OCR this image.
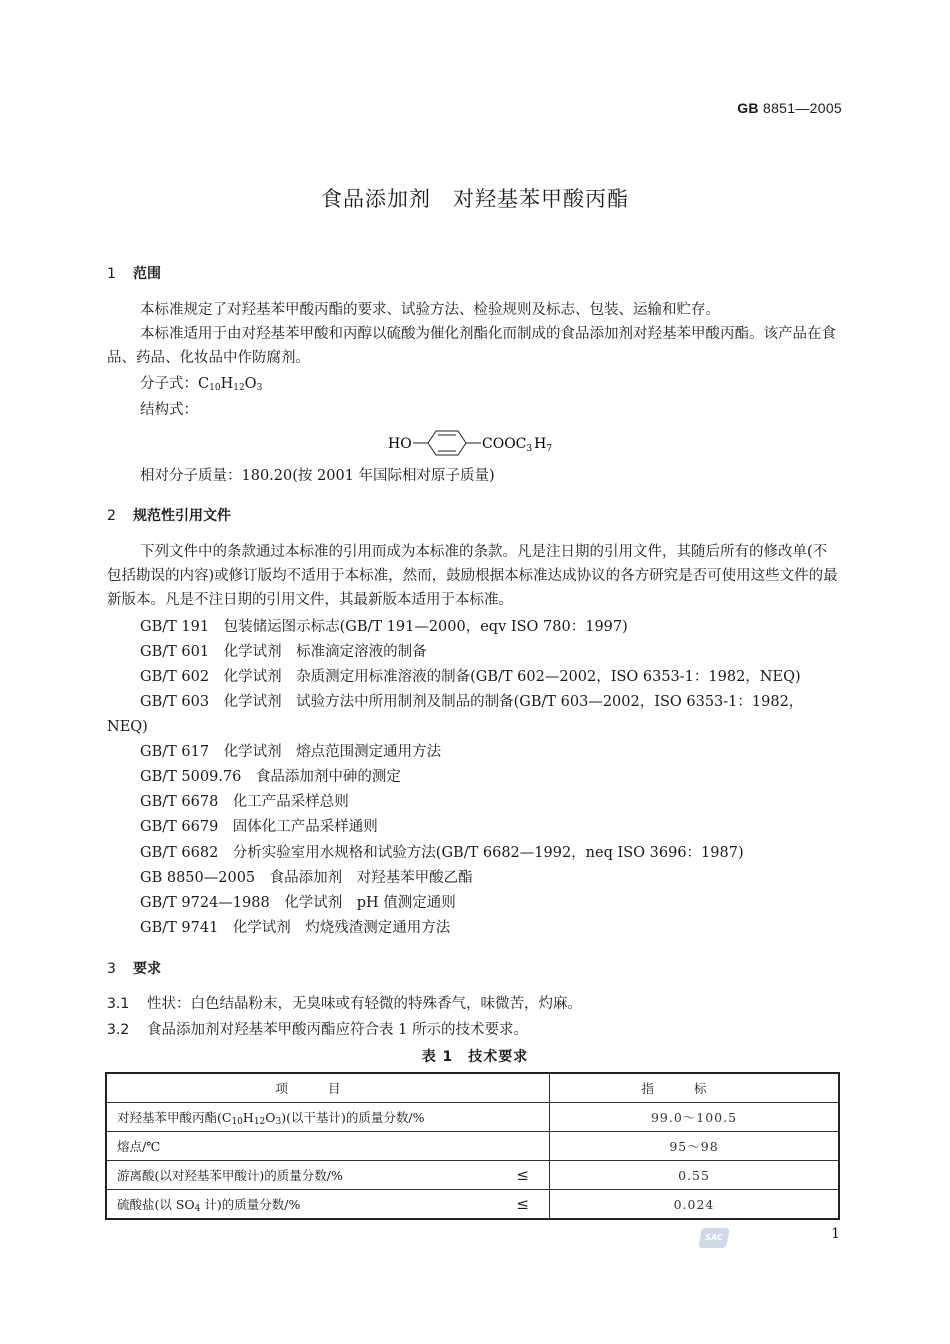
GB 8851—2005
食品添加剂　对羟基苯甲酸丙酯
1 范围
本标准规定了对羟基苯甲酸丙酯的要求、试验方法、检验规则及标志、包装、运输和贮存。
本标准适用于由对羟基苯甲酸和丙醇以硫酸为催化剂酯化而制成的食品添加剂对羟基苯甲酸丙酯。该产品在食品、药品、化妆品中作防腐剂。
分子式：$C_{10}H_{12}O_3$
结构式：
HO	$COOC_3$ $H_7$
相对分子质量：180.20(按 2001 年国际相对原子质量)
2 规范性引用文件
下列文件中的条款通过本标准的引用而成为本标准的条款。凡是注日期的引用文件，其随后所有的修改单(不包括勘误的内容)或修订版均不适用于本标准，然而，鼓励根据本标准达成协议的各方研究是否可使用这些文件的最新版本。凡是不注日期的引用文件，其最新版本适用于本标准。
GB/T 191　包装储运图示标志(GB/T 191—2000，eqv ISO 780：1997)
GB/T 601　化学试剂　标准滴定溶液的制备
GB/T 602　化学试剂　杂质测定用标准溶液的制备(GB/T 602—2002，ISO 6353-1：1982，NEQ)
GB/T 603　化学试剂　试验方法中所用制剂及制品的制备(GB/T 603—2002，ISO 6353-1：1982，
NEQ)
GB/T 617　化学试剂　熔点范围测定通用方法
GB/T 5009.76　食品添加剂中砷的测定
GB/T 6678　化工产品采样总则
GB/T 6679　固体化工产品采样通则
GB/T 6682　分析实验室用水规格和试验方法(GB/T 6682—1992，neq ISO 3696：1987)
GB 8850—2005　食品添加剂　对羟基苯甲酸乙酯
GB/T 9724—1988　化学试剂　pH 值测定通则
GB/T 9741　化学试剂　灼烧残渣测定通用方法
3 要求
3.1 性状：白色结晶粉末，无臭味或有轻微的特殊香气，味微苦，灼麻。
3.2 食品添加剂对羟基苯甲酸丙酯应符合表 1 所示的技术要求。
表 1　技术要求
项目	指标
对羟基苯甲酸丙酯$(C_{10}H_{12}O_3)$(以干基计)的质量分数/%	99.0～100.5
熔点/℃	95～98
游离酸(以对羟基苯甲酸计)的质量分数/% ≤	0.55
硫酸盐(以 $SO_4$ 计)的质量分数/% ≤	0.024
SAC	1
